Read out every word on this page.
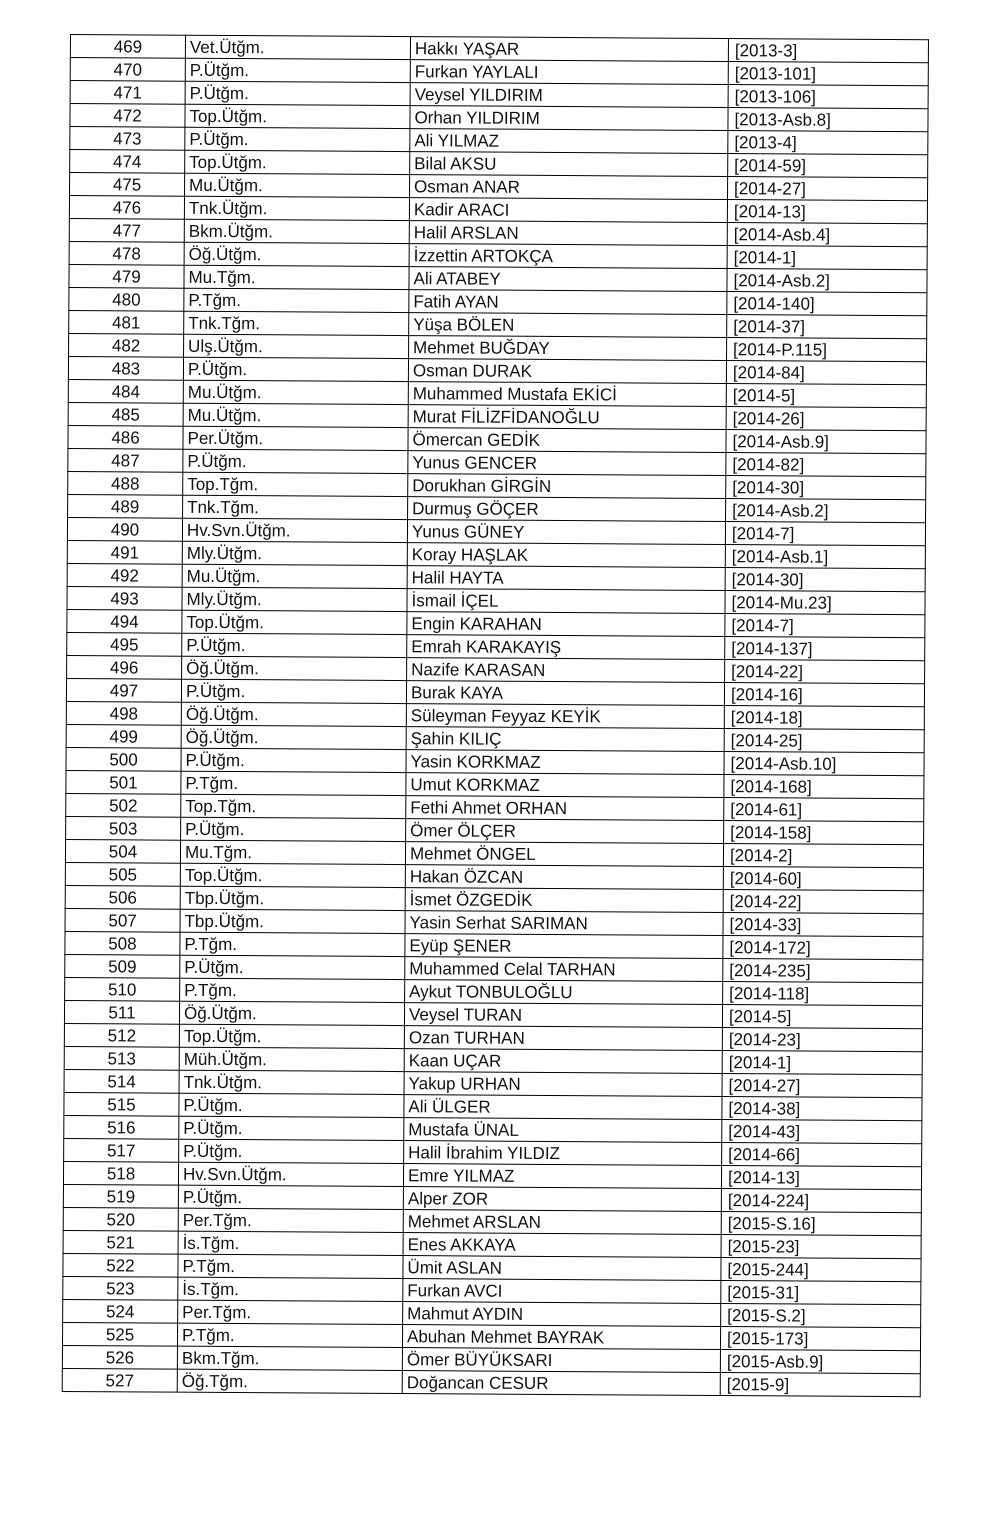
469	Vet.Ütğm.	Hakkı YAŞAR	[2013-3]
470	P.Ütğm.	Furkan YAYLALI	[2013-101]
471	P.Ütğm.	Veysel YILDIRIM	[2013-106]
472	Top.Ütğm.	Orhan YILDIRIM	[2013-Asb.8]
473	P.Ütğm.	Ali YILMAZ	[2013-4]
474	Top.Ütğm.	Bilal AKSU	[2014-59]
475	Mu.Ütğm.	Osman ANAR	[2014-27]
476	Tnk.Ütğm.	Kadir ARACI	[2014-13]
477	Bkm.Ütğm.	Halil ARSLAN	[2014-Asb.4]
478	Öğ.Ütğm.	İzzettin ARTOKÇA	[2014-1]
479	Mu.Tğm.	Ali ATABEY	[2014-Asb.2]
480	P.Tğm.	Fatih AYAN	[2014-140]
481	Tnk.Tğm.	Yüşa BÖLEN	[2014-37]
482	Ulş.Ütğm.	Mehmet BUĞDAY	[2014-P.115]
483	P.Ütğm.	Osman DURAK	[2014-84]
484	Mu.Ütğm.	Muhammed Mustafa EKİCİ	[2014-5]
485	Mu.Ütğm.	Murat FİLİZFİDANOĞLU	[2014-26]
486	Per.Ütğm.	Ömercan GEDİK	[2014-Asb.9]
487	P.Ütğm.	Yunus GENCER	[2014-82]
488	Top.Tğm.	Dorukhan GİRGİN	[2014-30]
489	Tnk.Tğm.	Durmuş GÖÇER	[2014-Asb.2]
490	Hv.Svn.Ütğm.	Yunus GÜNEY	[2014-7]
491	Mly.Ütğm.	Koray HAŞLAK	[2014-Asb.1]
492	Mu.Ütğm.	Halil HAYTA	[2014-30]
493	Mly.Ütğm.	İsmail İÇEL	[2014-Mu.23]
494	Top.Ütğm.	Engin KARAHAN	[2014-7]
495	P.Ütğm.	Emrah KARAKAYIŞ	[2014-137]
496	Öğ.Ütğm.	Nazife KARASAN	[2014-22]
497	P.Ütğm.	Burak KAYA	[2014-16]
498	Öğ.Ütğm.	Süleyman Feyyaz KEYİK	[2014-18]
499	Öğ.Ütğm.	Şahin KILIÇ	[2014-25]
500	P.Ütğm.	Yasin KORKMAZ	[2014-Asb.10]
501	P.Tğm.	Umut KORKMAZ	[2014-168]
502	Top.Tğm.	Fethi Ahmet ORHAN	[2014-61]
503	P.Ütğm.	Ömer ÖLÇER	[2014-158]
504	Mu.Tğm.	Mehmet ÖNGEL	[2014-2]
505	Top.Ütğm.	Hakan ÖZCAN	[2014-60]
506	Tbp.Ütğm.	İsmet ÖZGEDİK	[2014-22]
507	Tbp.Ütğm.	Yasin Serhat SARIMAN	[2014-33]
508	P.Tğm.	Eyüp ŞENER	[2014-172]
509	P.Ütğm.	Muhammed Celal TARHAN	[2014-235]
510	P.Tğm.	Aykut TONBULOĞLU	[2014-118]
511	Öğ.Ütğm.	Veysel TURAN	[2014-5]
512	Top.Ütğm.	Ozan TURHAN	[2014-23]
513	Müh.Ütğm.	Kaan UÇAR	[2014-1]
514	Tnk.Ütğm.	Yakup URHAN	[2014-27]
515	P.Ütğm.	Ali ÜLGER	[2014-38]
516	P.Ütğm.	Mustafa ÜNAL	[2014-43]
517	P.Ütğm.	Halil İbrahim YILDIZ	[2014-66]
518	Hv.Svn.Ütğm.	Emre YILMAZ	[2014-13]
519	P.Ütğm.	Alper ZOR	[2014-224]
520	Per.Tğm.	Mehmet ARSLAN	[2015-S.16]
521	İs.Tğm.	Enes AKKAYA	[2015-23]
522	P.Tğm.	Ümit ASLAN	[2015-244]
523	İs.Tğm.	Furkan AVCI	[2015-31]
524	Per.Tğm.	Mahmut AYDIN	[2015-S.2]
525	P.Tğm.	Abuhan Mehmet BAYRAK	[2015-173]
526	Bkm.Tğm.	Ömer BÜYÜKSARI	[2015-Asb.9]
527	Öğ.Tğm.	Doğancan CESUR	[2015-9]
